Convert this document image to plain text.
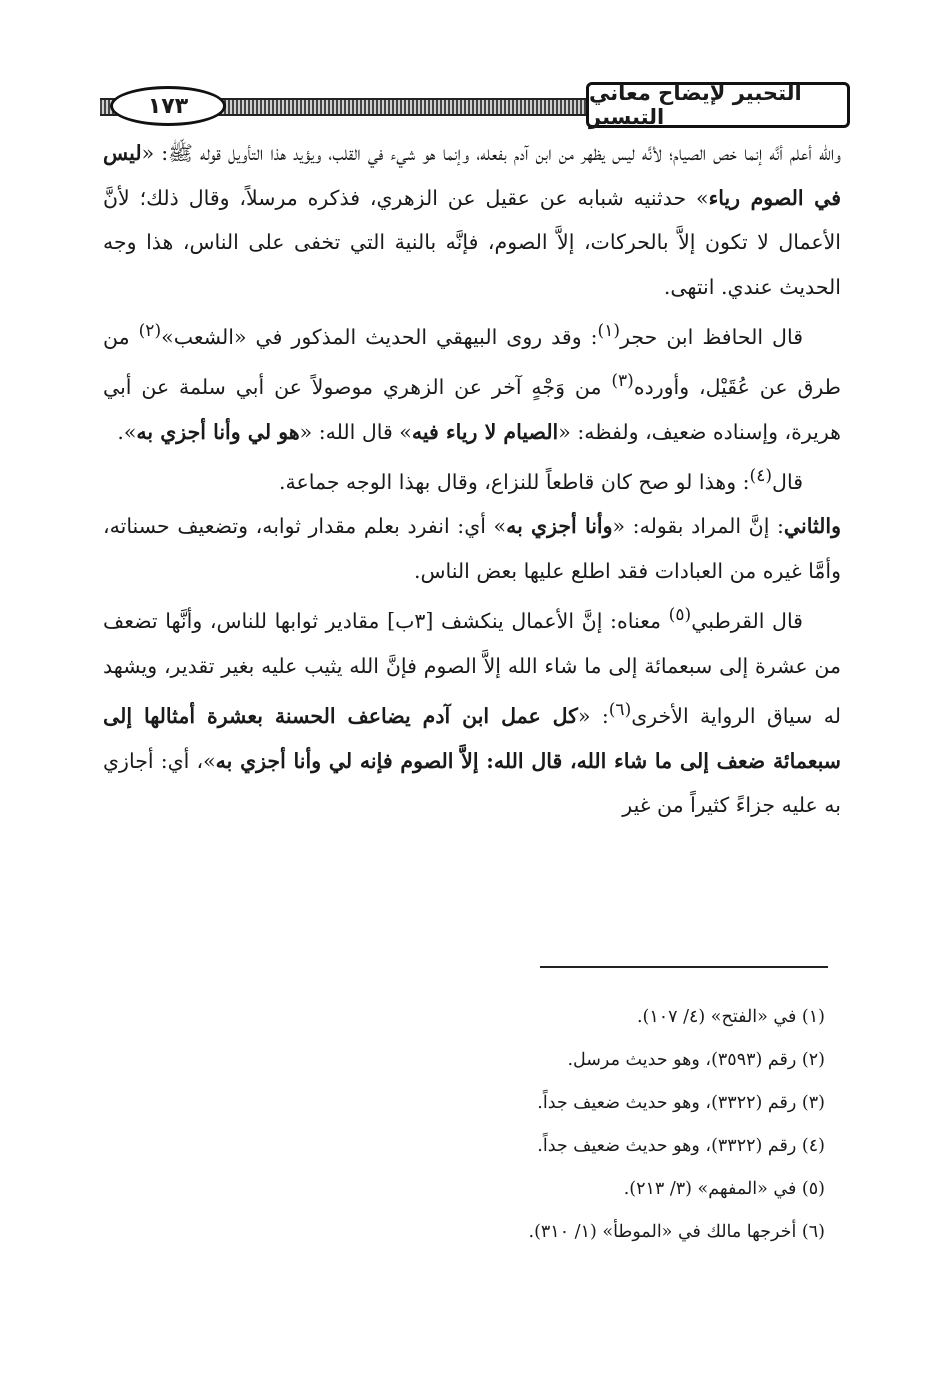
١٧٣
التحبير لإيضاح معاني التيسير

والله أعلم أنَّه إنما خص الصيام؛ لأنَّه ليس يظهر من ابن آدم بفعله، وإنما هو شيء في القلب، ويؤيد هذا التأويل قوله ﷺ: «ليس في الصوم رياء» حدثنيه شبابه عن عقيل عن الزهري، فذكره مرسلاً، وقال ذلك؛ لأنَّ الأعمال لا تكون إلاَّ بالحركات، إلاَّ الصوم، فإنَّه بالنية التي تخفى على الناس، هذا وجه الحديث عندي. انتهى.

قال الحافظ ابن حجر$^{(١)}$: وقد روى البيهقي الحديث المذكور في «الشعب»$^{(٢)}$ من طرق عن عُقَيْل، وأورده$^{(٣)}$ من وَجْهٍ آخر عن الزهري موصولاً عن أبي سلمة عن أبي هريرة، وإسناده ضعيف، ولفظه: «الصيام لا رياء فيه» قال الله: «هو لي وأنا أجزي به».

قال$^{(٤)}$: وهذا لو صح كان قاطعاً للنزاع، وقال بهذا الوجه جماعة.

والثاني: إنَّ المراد بقوله: «وأنا أجزي به» أي: انفرد بعلم مقدار ثوابه، وتضعيف حسناته، وأمَّا غيره من العبادات فقد اطلع عليها بعض الناس.

قال القرطبي$^{(٥)}$ معناه: إنَّ الأعمال ينكشف [٣ب] مقادير ثوابها للناس، وأنَّها تضعف من عشرة إلى سبعمائة إلى ما شاء الله إلاَّ الصوم فإنَّ الله يثيب عليه بغير تقدير، ويشهد له سياق الرواية الأخرى$^{(٦)}$: «كل عمل ابن آدم يضاعف الحسنة بعشرة أمثالها إلى سبعمائة ضعف إلى ما شاء الله، قال الله: إلاَّ الصوم فإنه لي وأنا أجزي به»، أي: أجازي به عليه جزاءً كثيراً من غير

(١) في «الفتح» (٤/ ١٠٧).
(٢) رقم (٣٥٩٣)، وهو حديث مرسل.
(٣) رقم (٣٣٢٢)، وهو حديث ضعيف جداً.
(٤) رقم (٣٣٢٢)، وهو حديث ضعيف جداً.
(٥) في «المفهم» (٣/ ٢١٣).
(٦) أخرجها مالك في «الموطأ» (١/ ٣١٠).
